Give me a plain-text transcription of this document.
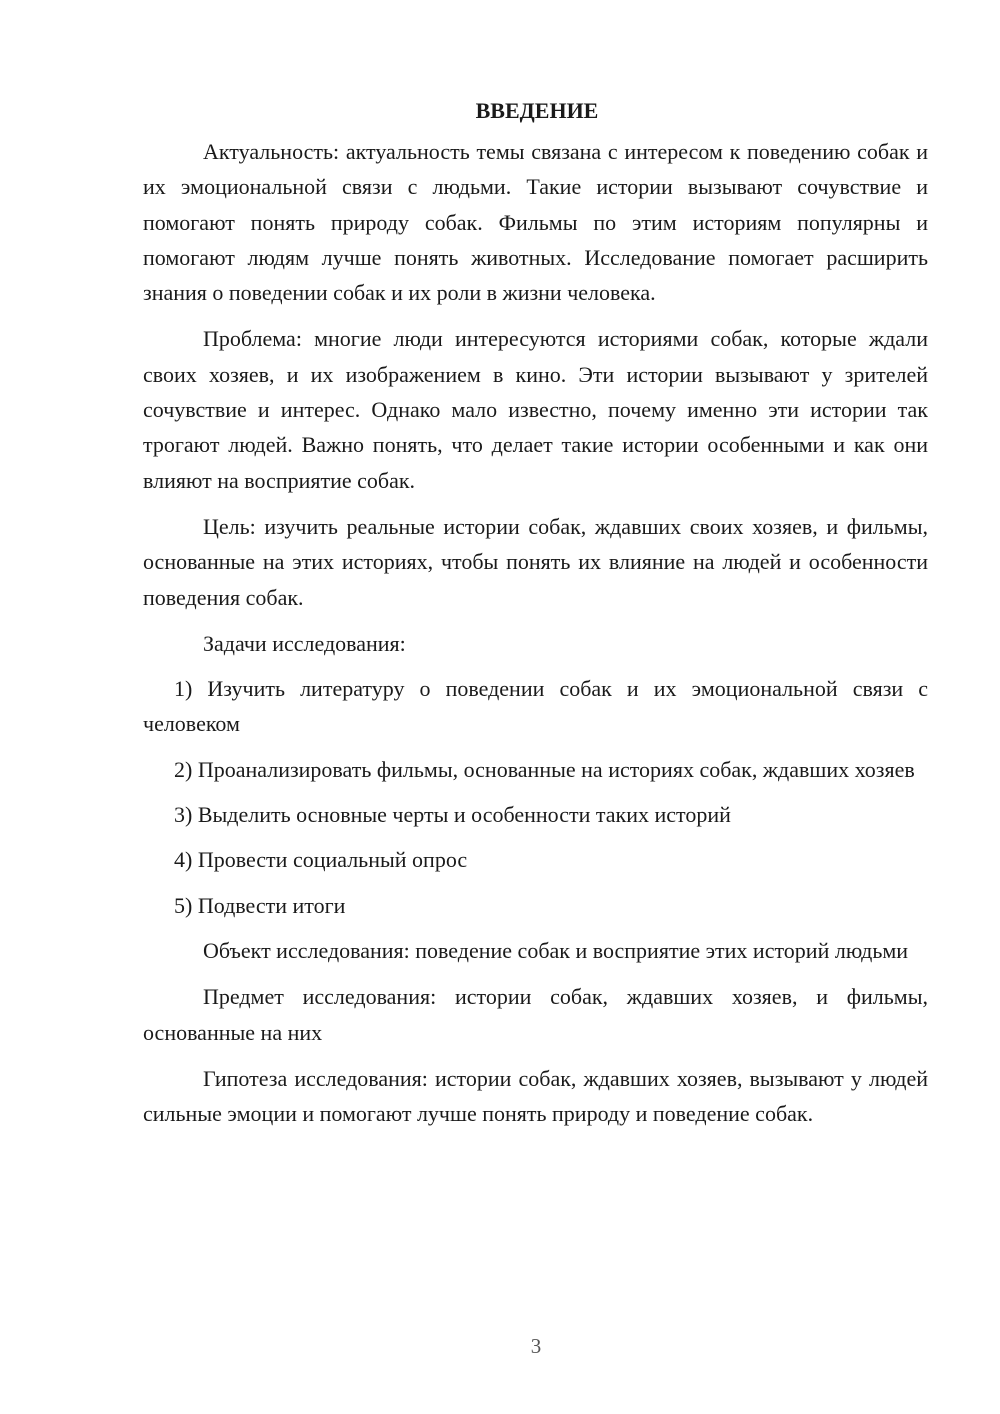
ВВЕДЕНИЕ

Актуальность: актуальность темы связана с интересом к поведению собак и их эмоциональной связи с людьми. Такие истории вызывают сочувствие и помогают понять природу собак. Фильмы по этим историям популярны и помогают людям лучше понять животных. Исследование помогает расширить знания о поведении собак и их роли в жизни человека.

Проблема: многие люди интересуются историями собак, которые ждали своих хозяев, и их изображением в кино. Эти истории вызывают у зрителей сочувствие и интерес. Однако мало известно, почему именно эти истории так трогают людей. Важно понять, что делает такие истории особенными и как они влияют на восприятие собак.

Цель: изучить реальные истории собак, ждавших своих хозяев, и фильмы, основанные на этих историях, чтобы понять их влияние на людей и особенности поведения собак.

Задачи исследования:

1) Изучить литературу о поведении собак и их эмоциональной связи с человеком

2) Проанализировать фильмы, основанные на историях собак, ждавших хозяев

3) Выделить основные черты и особенности таких историй

4) Провести социальный опрос

5) Подвести итоги

Объект исследования: поведение собак и восприятие этих историй людьми

Предмет исследования: истории собак, ждавших хозяев, и фильмы, основанные на них

Гипотеза исследования: истории собак, ждавших хозяев, вызывают у людей сильные эмоции и помогают лучше понять природу и поведение собак.

3
